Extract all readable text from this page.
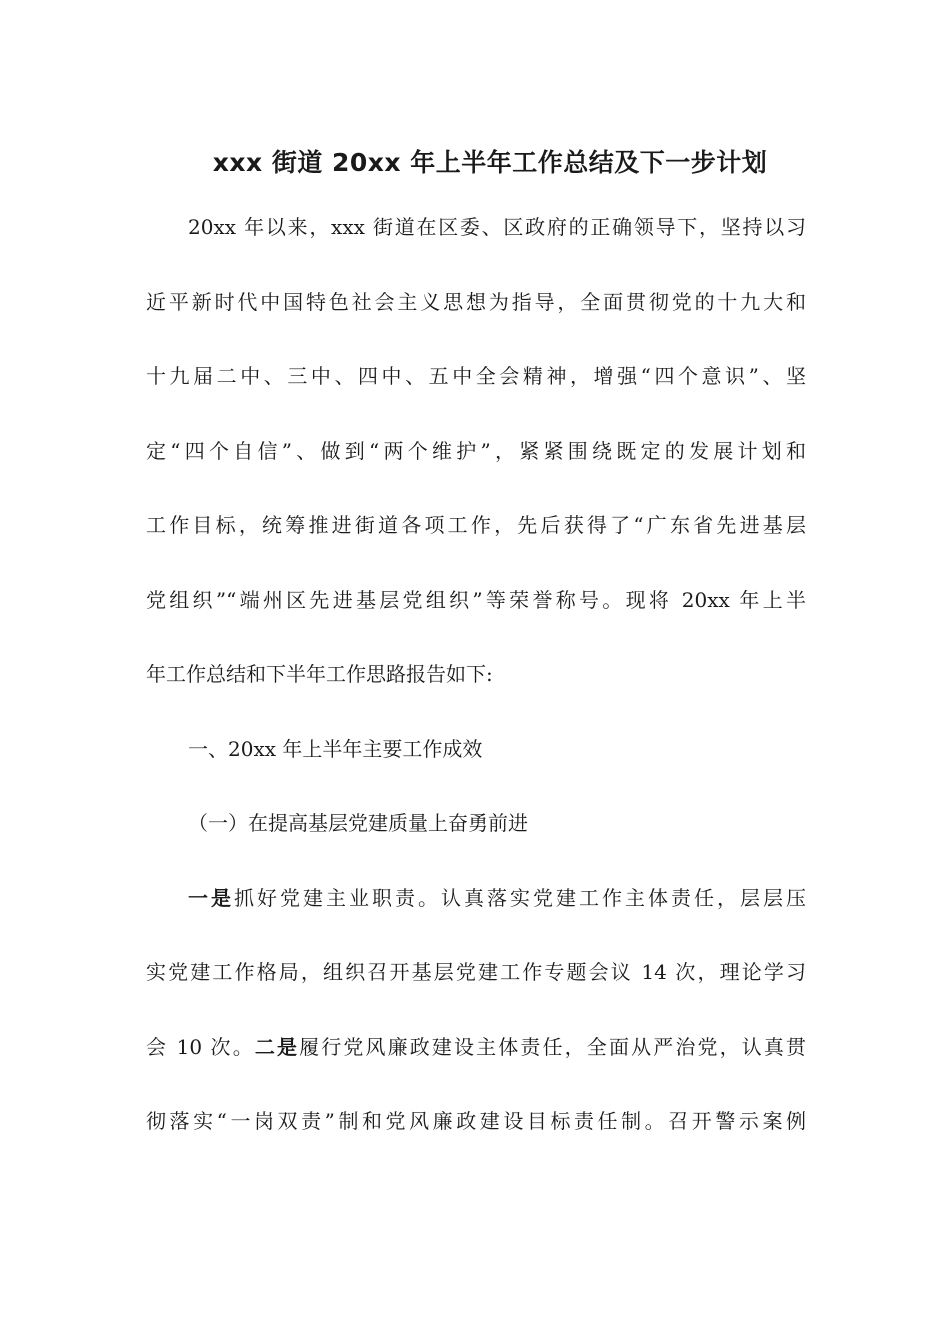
xxx 街道 20xx 年上半年工作总结及下一步计划
20xx 年以来，xxx 街道在区委、区政府的正确领导下，坚持以习
近平新时代中国特色社会主义思想为指导，全面贯彻党的十九大和
十九届二中、三中、四中、五中全会精神，增强“四个意识”、坚
定“四个自信”、做到“两个维护”，紧紧围绕既定的发展计划和
工作目标，统筹推进街道各项工作，先后获得了“广东省先进基层
党组织”“端州区先进基层党组织”等荣誉称号。现将 20xx 年上半
年工作总结和下半年工作思路报告如下:
一、20xx 年上半年主要工作成效
（一）在提高基层党建质量上奋勇前进
一是抓好党建主业职责。认真落实党建工作主体责任，层层压
实党建工作格局，组织召开基层党建工作专题会议 14 次，理论学习
会 10 次。二是履行党风廉政建设主体责任，全面从严治党，认真贯
彻落实“一岗双责”制和党风廉政建设目标责任制。召开警示案例
